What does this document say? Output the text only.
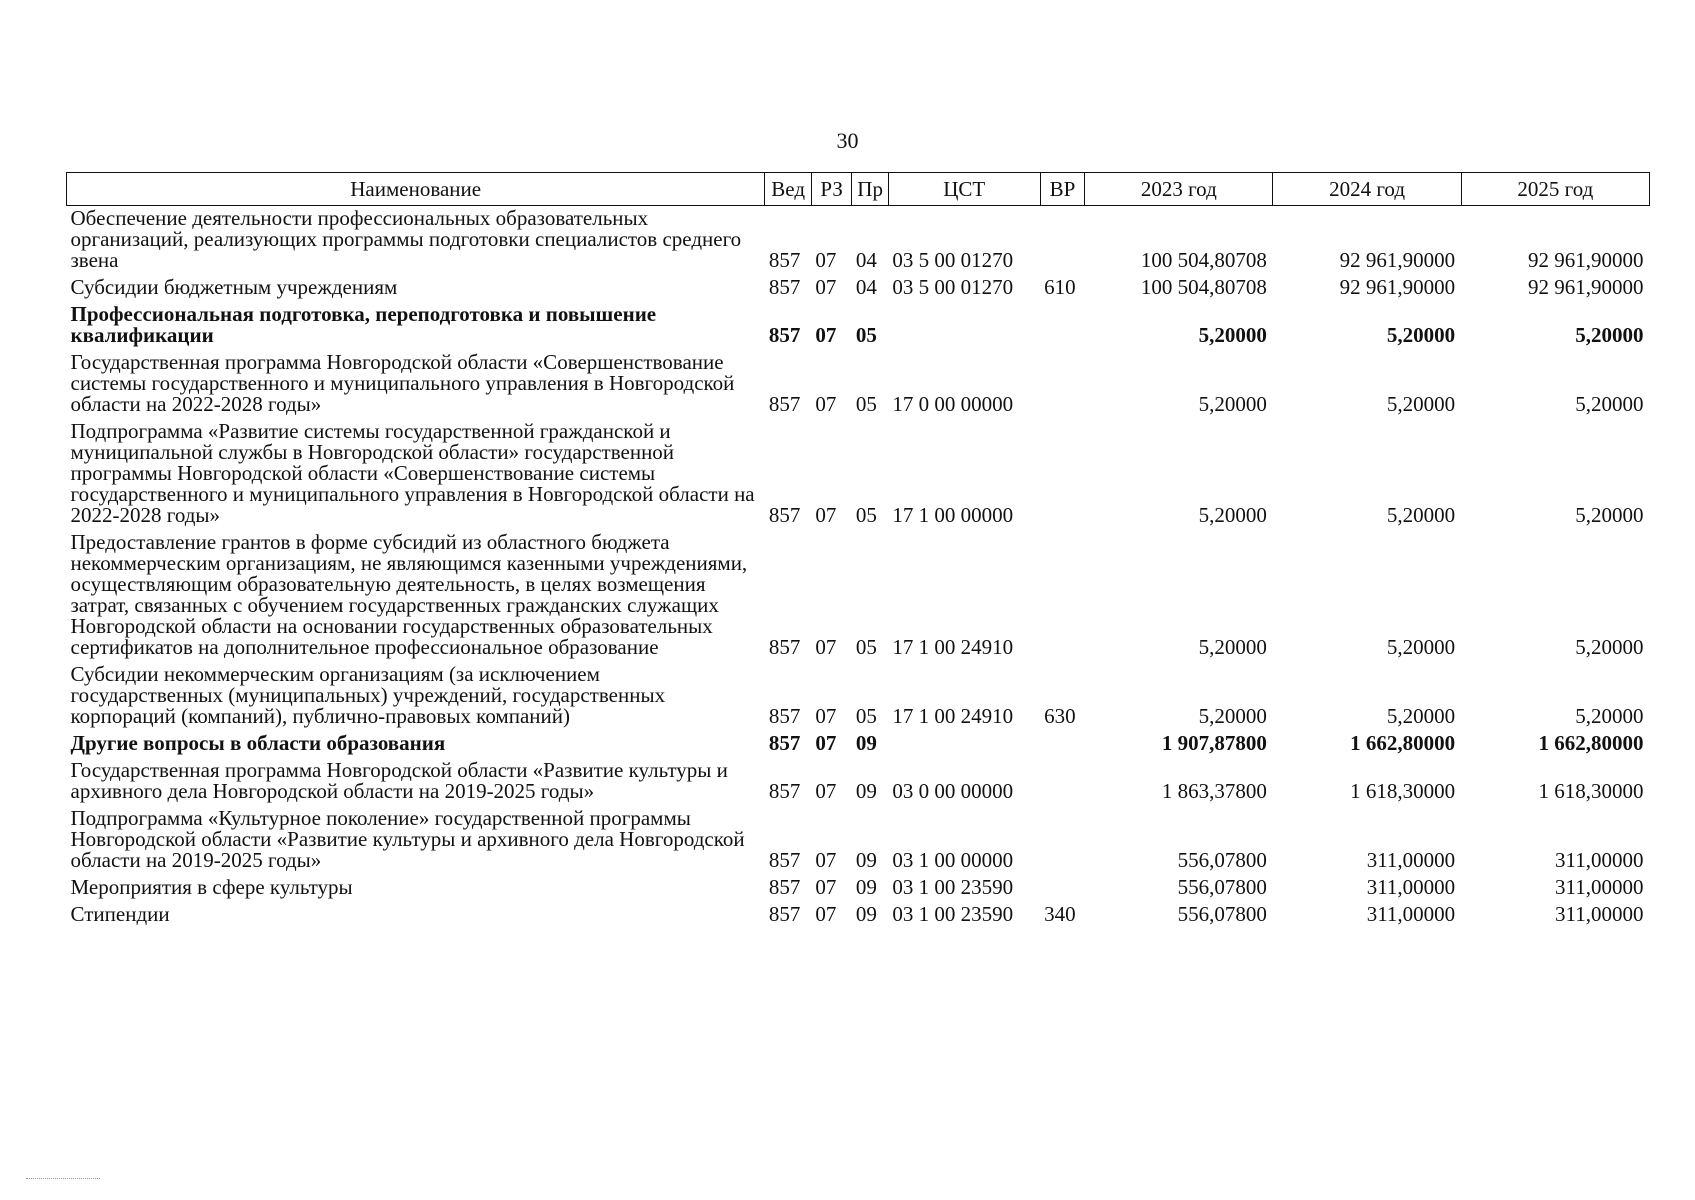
30
Наименование	Вед	РЗ	Пр	ЦСТ	ВР	2023 год	2024 год	2025 год
Обеспечение деятельности профессиональных образовательных организаций, реализующих программы подготовки специалистов среднего звена	857	07	04	03 5 00 01270		100 504,80708	92 961,90000	92 961,90000
Субсидии бюджетным учреждениям	857	07	04	03 5 00 01270	610	100 504,80708	92 961,90000	92 961,90000
Профессиональная подготовка, переподготовка и повышение квалификации	857	07	05			5,20000	5,20000	5,20000
Государственная программа Новгородской области «Совершенствование системы государственного и муниципального управления в Новгородской области на 2022-2028 годы»	857	07	05	17 0 00 00000		5,20000	5,20000	5,20000
Подпрограмма «Развитие системы государственной гражданской и муниципальной службы в Новгородской области» государственной программы Новгородской области «Совершенствование системы государственного и муниципального управления в Новгородской области на 2022-2028 годы»	857	07	05	17 1 00 00000		5,20000	5,20000	5,20000
Предоставление грантов в форме субсидий из областного бюджета некоммерческим организациям, не являющимся казенными учреждениями, осуществляющим образовательную деятельность, в целях возмещения затрат, связанных с обучением государственных гражданских служащих Новгородской области на основании государственных образовательных сертификатов на дополнительное профессиональное образование	857	07	05	17 1 00 24910		5,20000	5,20000	5,20000
Субсидии некоммерческим организациям (за исключением государственных (муниципальных) учреждений, государственных корпораций (компаний), публично-правовых компаний)	857	07	05	17 1 00 24910	630	5,20000	5,20000	5,20000
Другие вопросы в области образования	857	07	09			1 907,87800	1 662,80000	1 662,80000
Государственная программа Новгородской области «Развитие культуры и архивного дела Новгородской области на 2019-2025 годы»	857	07	09	03 0 00 00000		1 863,37800	1 618,30000	1 618,30000
Подпрограмма «Культурное поколение» государственной программы Новгородской области «Развитие культуры и архивного дела Новгородской области на 2019-2025 годы»	857	07	09	03 1 00 00000		556,07800	311,00000	311,00000
Мероприятия в сфере культуры	857	07	09	03 1 00 23590		556,07800	311,00000	311,00000
Стипендии	857	07	09	03 1 00 23590	340	556,07800	311,00000	311,00000
